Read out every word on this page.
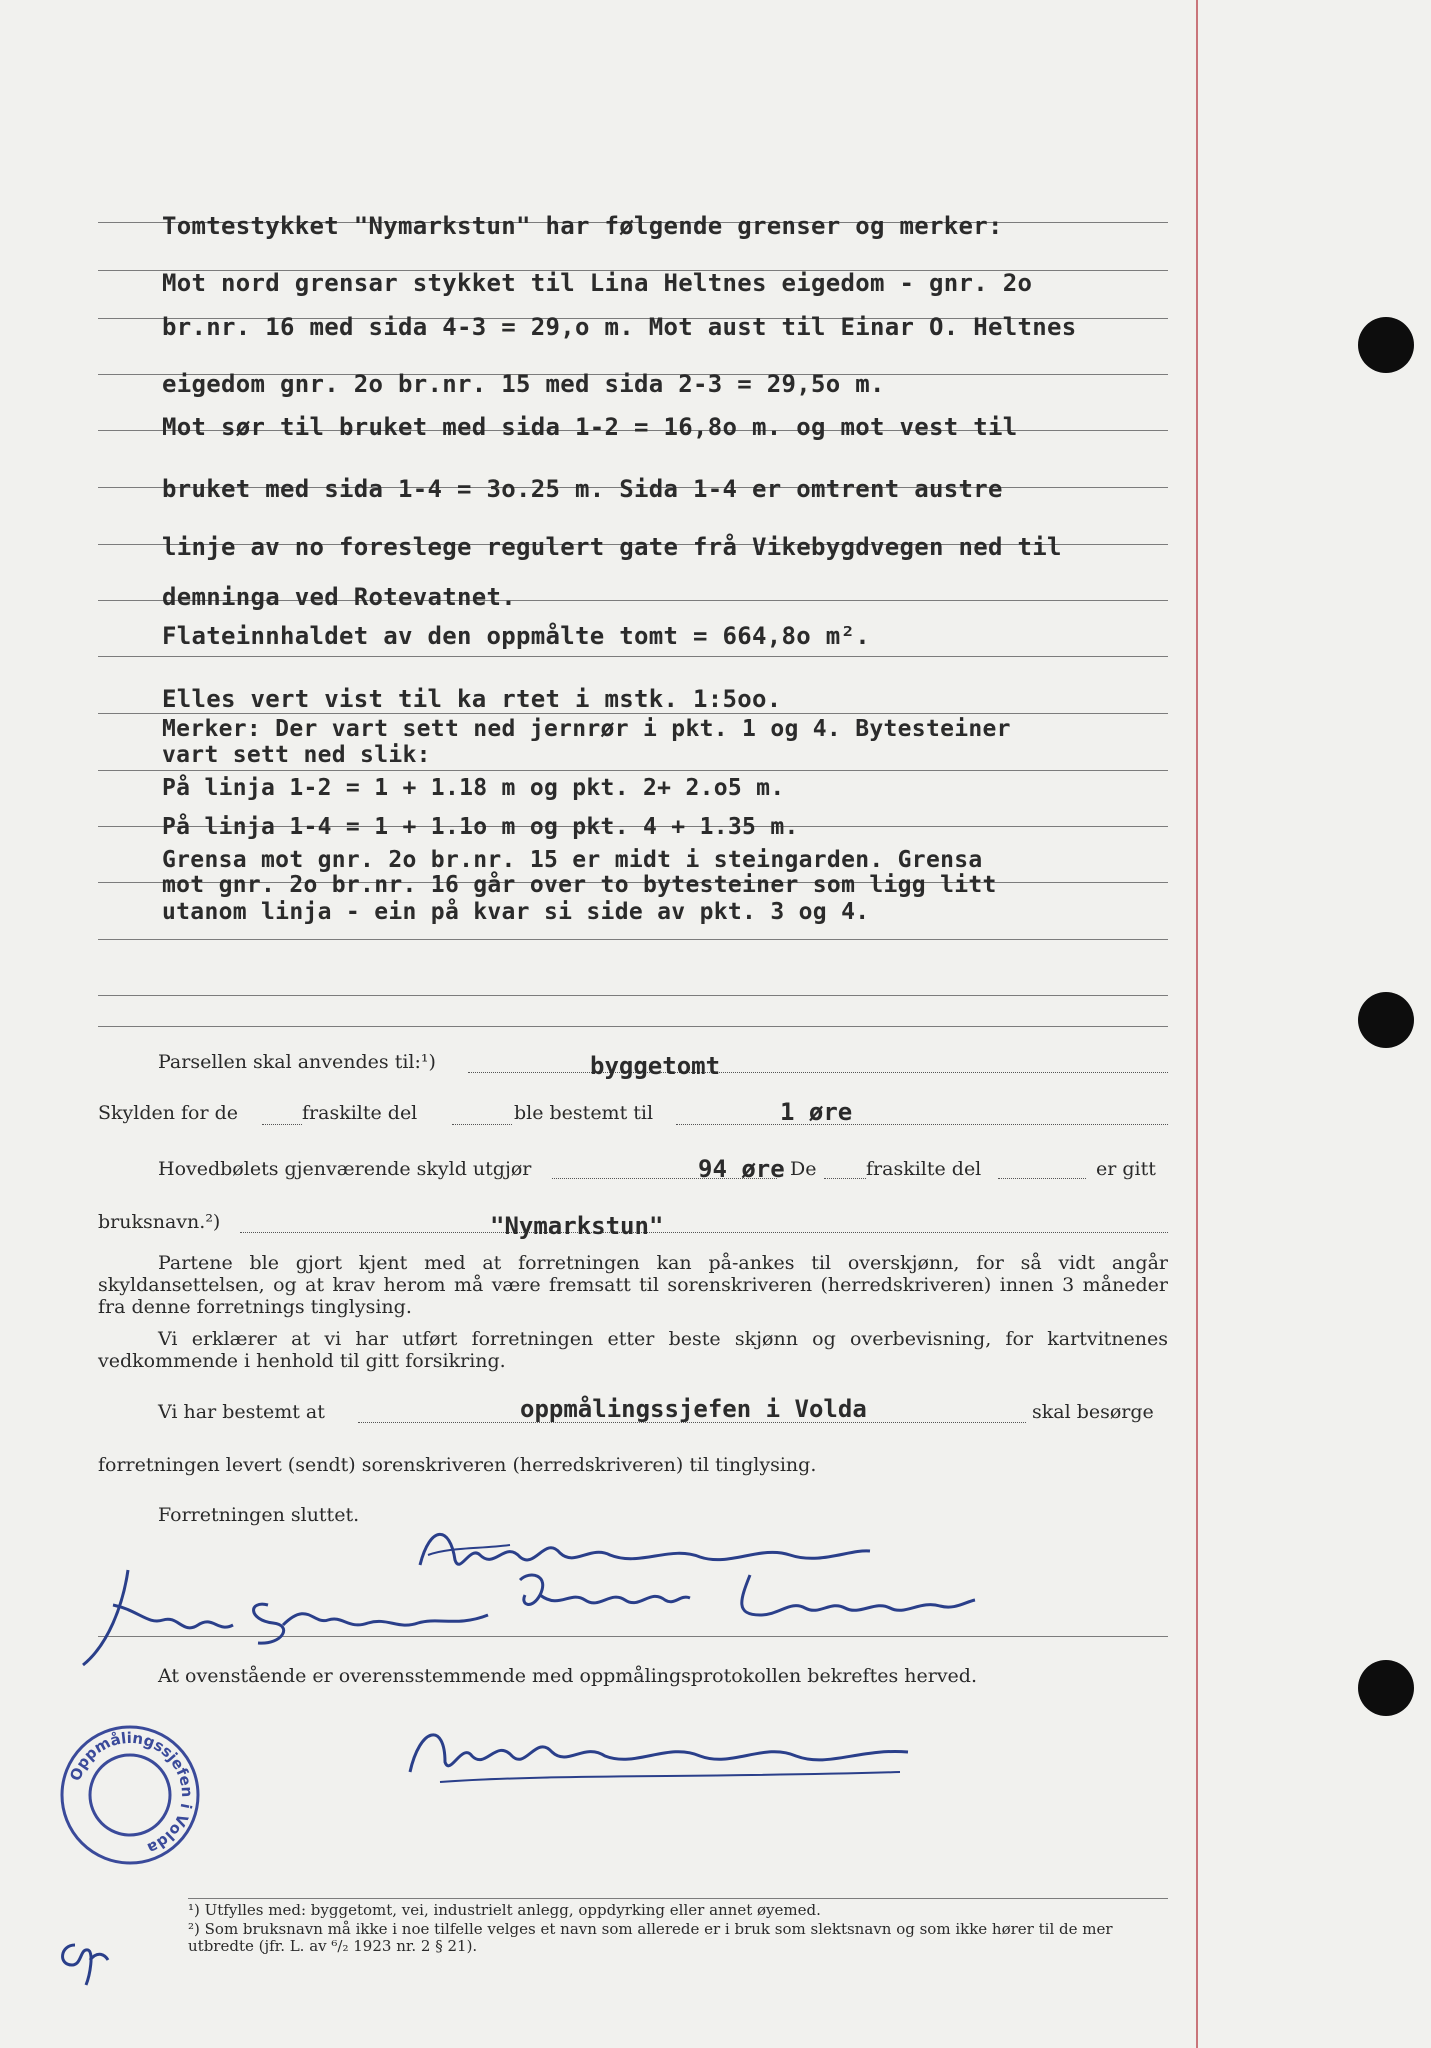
Tomtestykket "Nymarkstun" har følgende grenser og merker:
Mot nord grensar stykket til Lina Heltnes eigedom - gnr. 2o
br.nr. 16 med sida 4-3 = 29,o m. Mot aust til Einar O. Heltnes
eigedom gnr. 2o br.nr. 15 med sida 2-3 = 29,5o m.
Mot sør til bruket med sida 1-2 = 16,8o m. og mot vest til
bruket med sida 1-4 = 3o.25 m. Sida 1-4 er omtrent austre
linje av no foreslege regulert gate frå Vikebygdvegen ned til
demninga ved Rotevatnet.
Flateinnhaldet av den oppmålte tomt = 664,8o m².
Elles vert vist til ka rtet i mstk. 1:5oo.
Merker: Der vart sett ned jernrør i pkt. 1 og 4. Bytesteiner
vart sett ned slik:
På linja 1-2 = 1 + 1.18 m og pkt. 2+ 2.o5 m.
På linja 1-4 = 1 + 1.1o m og pkt. 4 + 1.35 m.
Grensa mot gnr. 2o br.nr. 15 er midt i steingarden. Grensa
mot gnr. 2o br.nr. 16 går over to bytesteiner som ligg litt
utanom linja - ein på kvar si side av pkt. 3 og 4.
Parsellen skal anvendes til:¹)	byggetomt
Skylden for de	fraskilte del	ble bestemt til	1 øre
Hovedbølets gjenværende skyld utgjør	94 øre De	fraskilte del	er gitt
bruksnavn.²)	"Nymarkstun"
Partene ble gjort kjent med at forretningen kan på-ankes til overskjønn, for så vidt angår skyldansettelsen, og at krav herom må være fremsatt til sorenskriveren (herredskriveren) innen 3 måneder fra denne forretnings tinglysing.
Vi erklærer at vi har utført forretningen etter beste skjønn og overbevisning, for kartvitnenes vedkommende i henhold til gitt forsikring.
Vi har bestemt at	oppmålingssjefen i Volda	skal besørge
forretningen levert (sendt) sorenskriveren (herredskriveren) til tinglysing.
Forretningen sluttet.
At ovenstående er overensstemmende med oppmålingsprotokollen bekreftes herved.
Oppmålingssjefen i Volda
¹) Utfylles med: byggetomt, vei, industrielt anlegg, oppdyrking eller annet øyemed.
²) Som bruksnavn må ikke i noe tilfelle velges et navn som allerede er i bruk som slektsnavn og som ikke hører til de mer utbredte (jfr. L. av ⁶/₂ 1923 nr. 2 § 21).
